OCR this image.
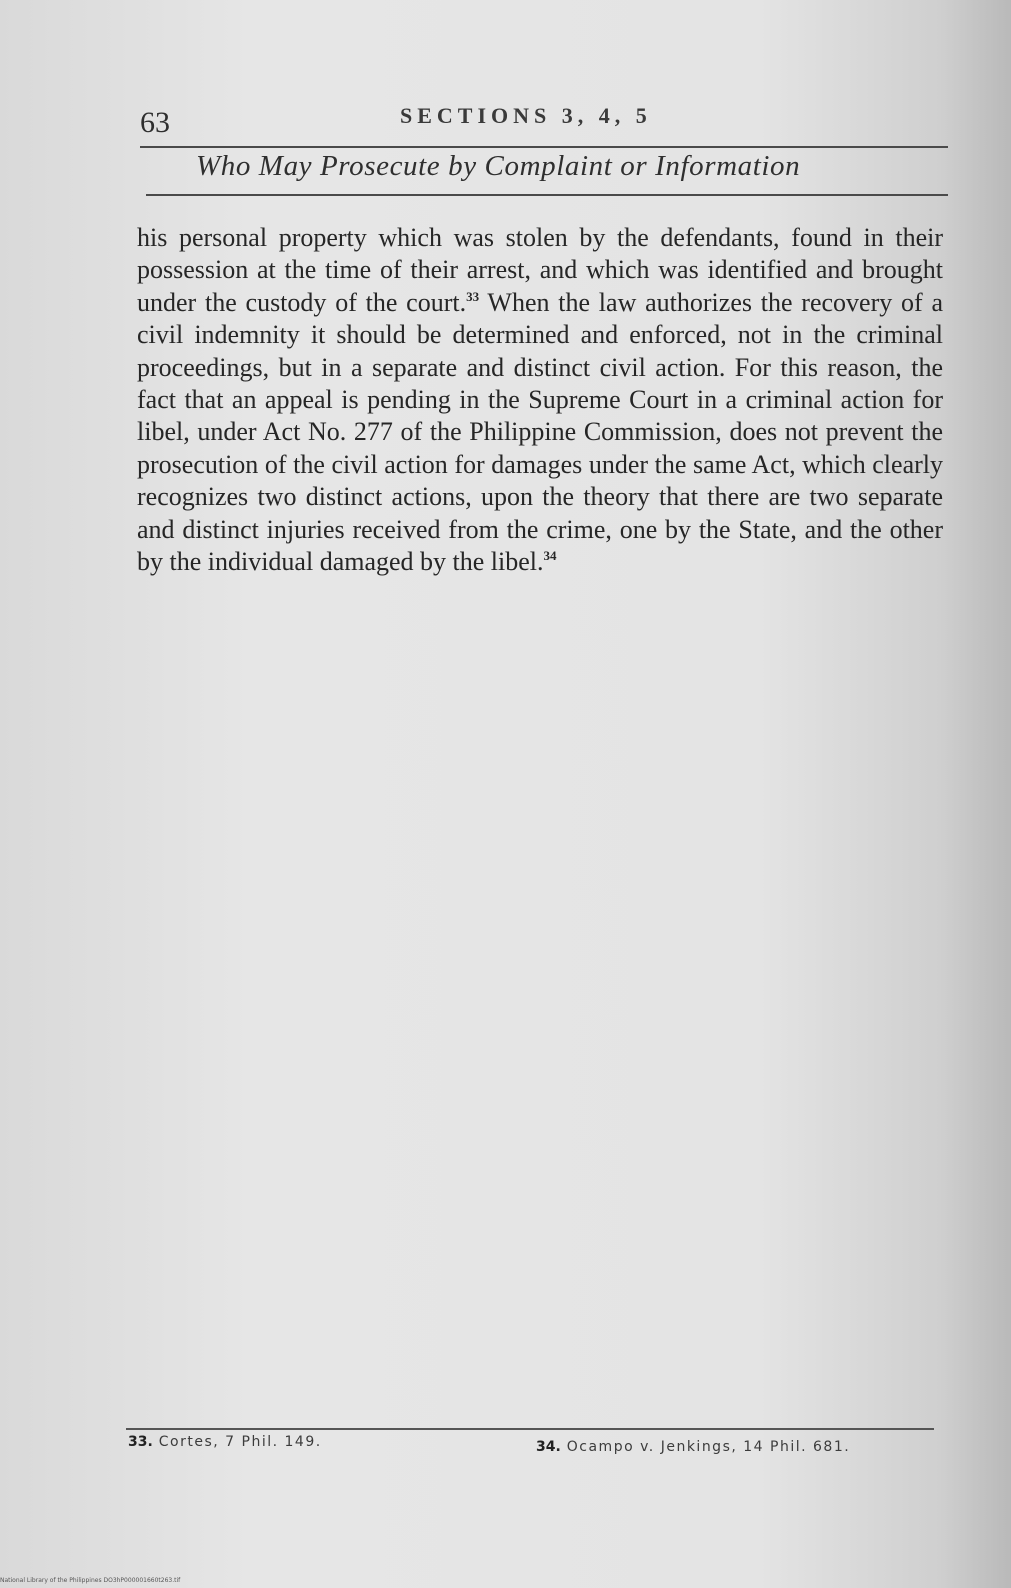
63	SECTIONS 3, 4, 5
Who May Prosecute by Complaint or Information

his personal property which was stolen by the defendants, found in their possession at the time of their arrest, and which was identified and brought under the custody of the court.$^{33}$ When the law authorizes the recovery of a civil indemnity it should be determined and enforced, not in the criminal proceedings, but in a separate and distinct civil action. For this reason, the fact that an appeal is pending in the Supreme Court in a criminal action for libel, under Act No. 277 of the Philippine Commission, does not prevent the prosecution of the civil action for damages under the same Act, which clearly recognizes two distinct actions, upon the theory that there are two separate and distinct injuries received from the crime, one by the State, and the other by the individual damaged by the libel.$^{34}$

33. Cortes, 7 Phil. 149.	34. Ocampo v. Jenkings, 14 Phil. 681.
National Library of the Philippines DO3hP000001660t263.tif
